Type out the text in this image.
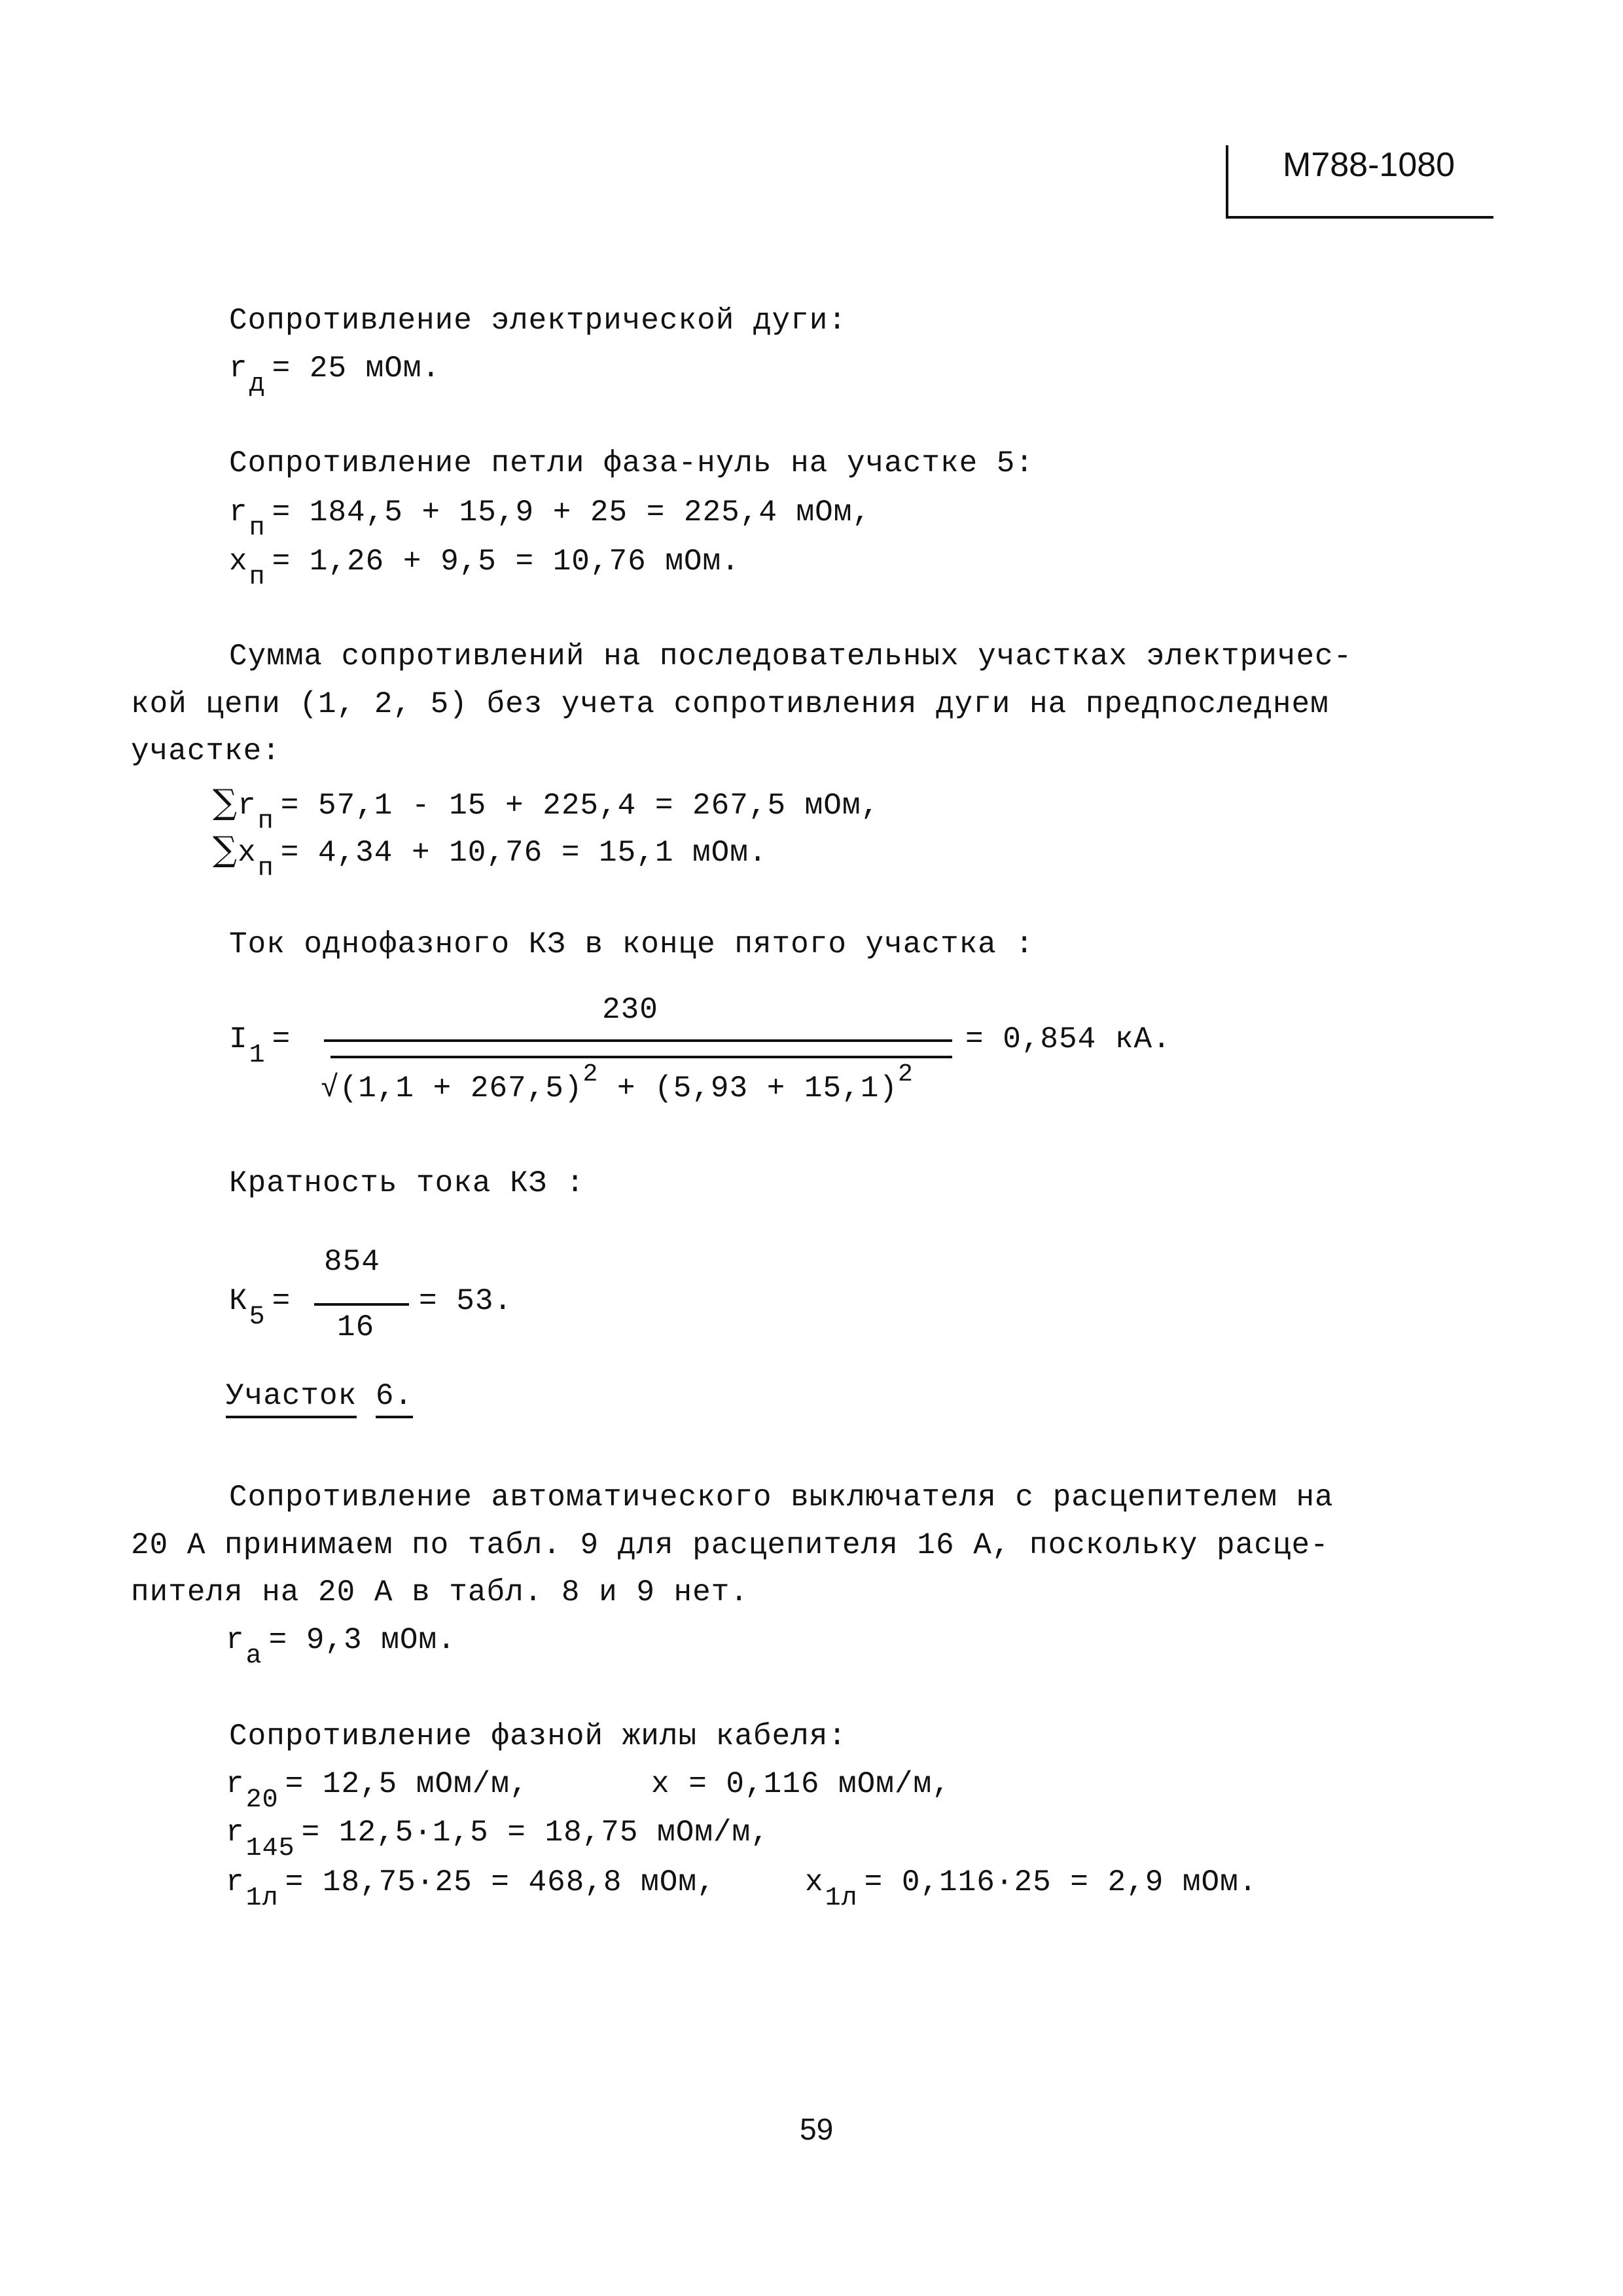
М788-1080
Сопротивление электрической дуги:
rд = 25 мОм.
Сопротивление петли фаза-нуль на участке 5:
rп = 184,5 + 15,9 + 25 = 225,4 мОм,
xп = 1,26 + 9,5 = 10,76 мОм.
Сумма сопротивлений на последовательных участках электричес-
кой цепи (1, 2, 5) без учета сопротивления дуги на предпоследнем
участке:
∑rп = 57,1 - 15 + 225,4 = 267,5 мОм,
∑xп = 4,34 + 10,76 = 15,1 мОм.
Ток однофазного КЗ в конце пятого участка :
230
I1 =	= 0,854 кА.
$√(1,1 + 267,5)^2 + (5,93 + 15,1)^2$
Кратность тока КЗ :
854
К5 =	= 53.
16
Участок 6.
Сопротивление автоматического выключателя с расцепителем на
20 А принимаем по табл. 9 для расцепителя 16 А, поскольку расце-
пителя на 20 А в табл. 8 и 9 нет.
rа = 9,3 мОм.
Сопротивление фазной жилы кабеля:
r20 = 12,5 мОм/м,	x = 0,116 мОм/м,
r145 = 12,5·1,5 = 18,75 мОм/м,
r1л = 18,75·25 = 468,8 мОм,	x1л = 0,116·25 = 2,9 мОм.
59
